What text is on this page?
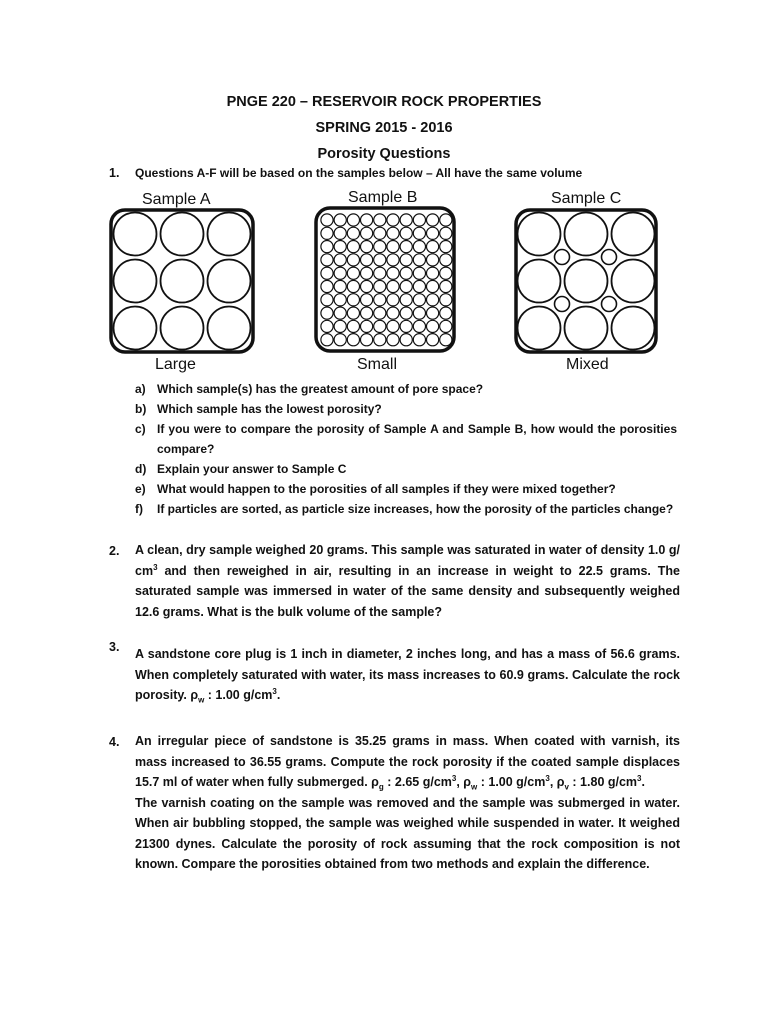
PNGE 220 – RESERVOIR ROCK PROPERTIES
SPRING 2015 - 2016
Porosity Questions
1. Questions A-F will be based on the samples below – All have the same volume
Sample A	Sample B	Sample C
Large	Small	Mixed
a) Which sample(s) has the greatest amount of pore space?
b) Which sample has the lowest porosity?
c) If you were to compare the porosity of Sample A and Sample B, how would the porosities compare?
d) Explain your answer to Sample C
e) What would happen to the porosities of all samples if they were mixed together?
f) If particles are sorted, as particle size increases, how the porosity of the particles change?
2. A clean, dry sample weighed 20 grams. This sample was saturated in water of density 1.0 g/ $cm^3$ and then reweighed in air, resulting in an increase in weight to 22.5 grams. The saturated sample was immersed in water of the same density and subsequently weighed 12.6 grams. What is the bulk volume of the sample?
3. A sandstone core plug is 1 inch in diameter, 2 inches long, and has a mass of 56.6 grams. When completely saturated with water, its mass increases to 60.9 grams. Calculate the rock porosity. $\rho_w$ : 1.00 $g/cm^3$.
4. An irregular piece of sandstone is 35.25 grams in mass. When coated with varnish, its mass increased to 36.55 grams. Compute the rock porosity if the coated sample displaces 15.7 ml of water when fully submerged. $\rho_g$ : 2.65 $g/cm^3$, $\rho_w$ : 1.00 $g/cm^3$, $\rho_v$ : 1.80 $g/cm^3$.

The varnish coating on the sample was removed and the sample was submerged in water. When air bubbling stopped, the sample was weighed while suspended in water. It weighed 21300 dynes. Calculate the porosity of rock assuming that the rock composition is not known. Compare the porosities obtained from two methods and explain the difference.
